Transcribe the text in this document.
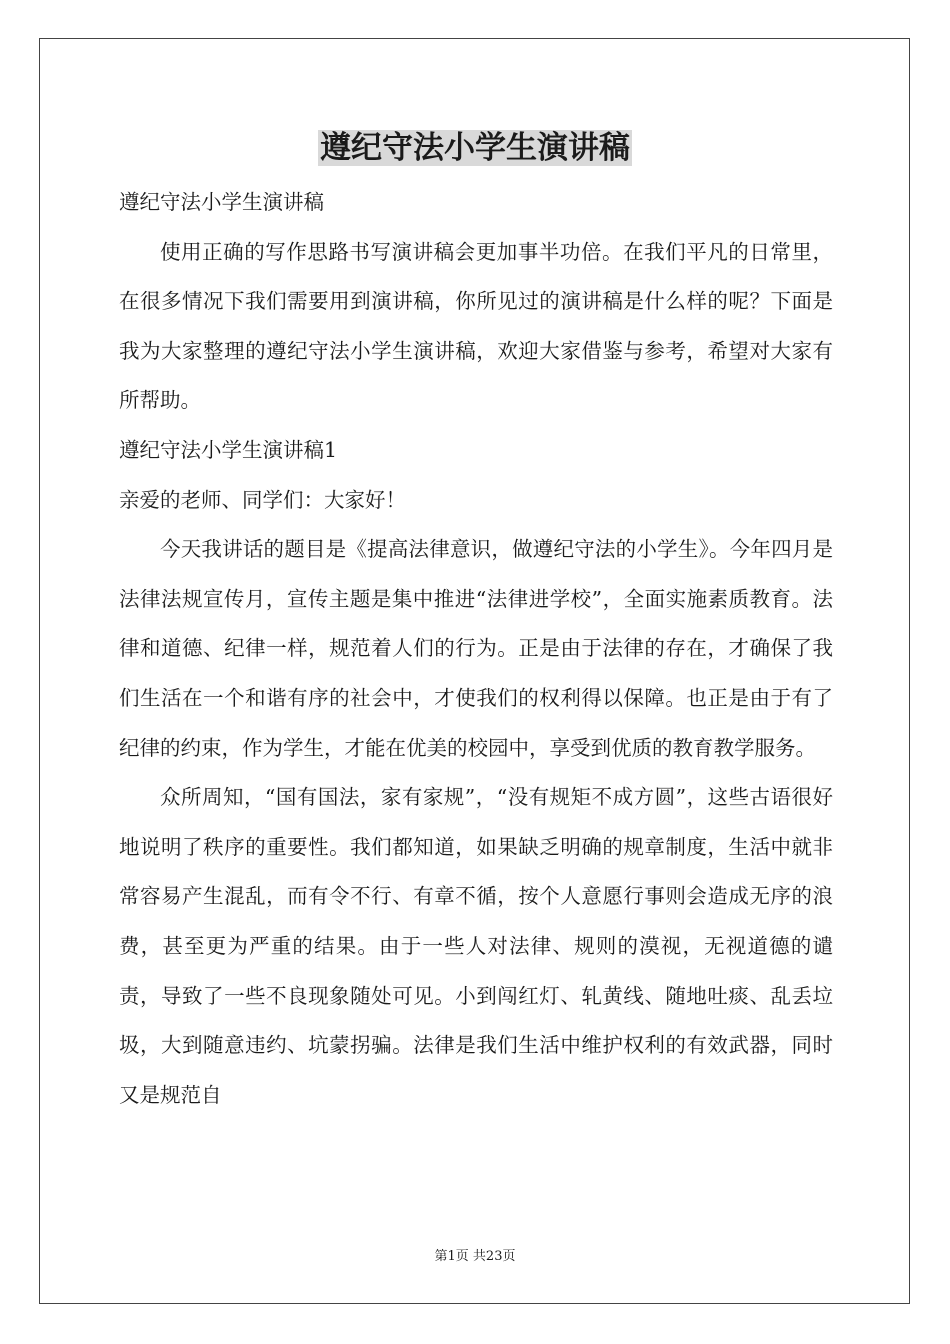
遵纪守法小学生演讲稿

遵纪守法小学生演讲稿

使用正确的写作思路书写演讲稿会更加事半功倍。在我们平凡的日常里，在很多情况下我们需要用到演讲稿，你所见过的演讲稿是什么样的呢？下面是我为大家整理的遵纪守法小学生演讲稿，欢迎大家借鉴与参考，希望对大家有所帮助。

遵纪守法小学生演讲稿1

亲爱的老师、同学们：大家好！

今天我讲话的题目是《提高法律意识，做遵纪守法的小学生》。今年四月是法律法规宣传月，宣传主题是集中推进“法律进学校”，全面实施素质教育。法律和道德、纪律一样，规范着人们的行为。正是由于法律的存在，才确保了我们生活在一个和谐有序的社会中，才使我们的权利得以保障。也正是由于有了纪律的约束，作为学生，才能在优美的校园中，享受到优质的教育教学服务。

众所周知，“国有国法，家有家规”，“没有规矩不成方圆”，这些古语很好地说明了秩序的重要性。我们都知道，如果缺乏明确的规章制度，生活中就非常容易产生混乱，而有令不行、有章不循，按个人意愿行事则会造成无序的浪费，甚至更为严重的结果。由于一些人对法律、规则的漠视，无视道德的谴责，导致了一些不良现象随处可见。小到闯红灯、轧黄线、随地吐痰、乱丢垃圾，大到随意违约、坑蒙拐骗。法律是我们生活中维护权利的有效武器，同时又是规范自

第1页 共23页
